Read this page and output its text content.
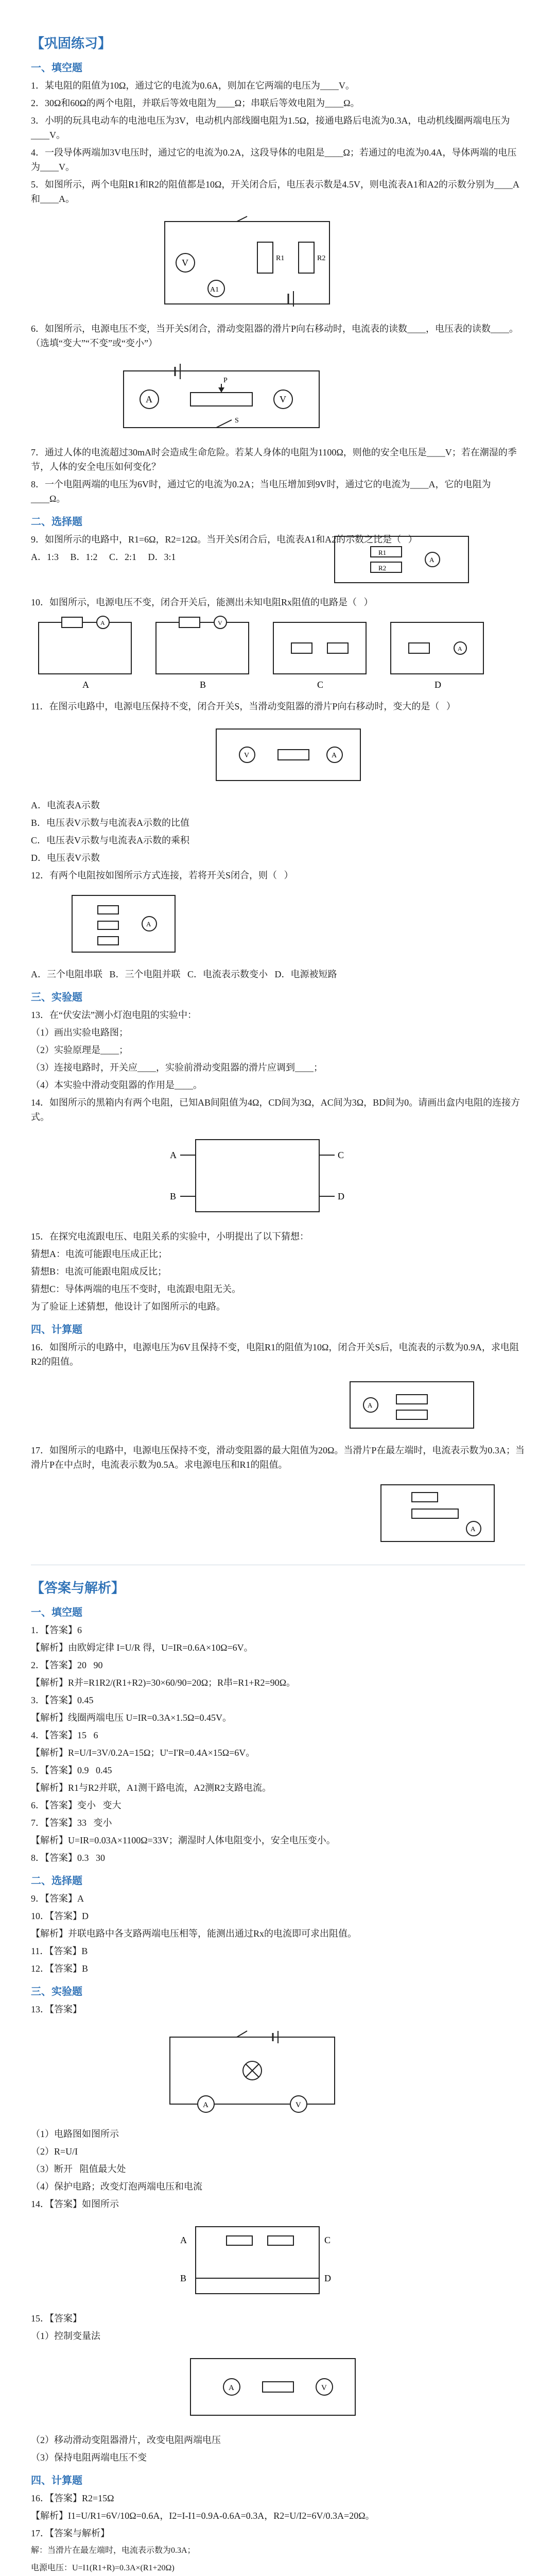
【巩固练习】
一、填空题
1．某电阻的阻值为10Ω，通过它的电流为0.6A，则加在它两端的电压为____V。
2．30Ω和60Ω的两个电阻，并联后等效电阻为____Ω；串联后等效电阻为____Ω。
3．小明的玩具电动车的电池电压为3V，电动机内部线圈电阻为1.5Ω，接通电路后电流为0.3A，电动机线圈两端电压为____V。
4．一段导体两端加3V电压时，通过它的电流为0.2A，这段导体的电阻是____Ω；若通过的电流为0.4A，导体两端的电压为____V。
5．如图所示，两个电阻R1和R2的阻值都是10Ω，开关闭合后，电压表示数是4.5V，则电流表A1和A2的示数分别为____A和____A。
V
A1
R1	R2
6．如图所示，电源电压不变，当开关S闭合，滑动变阻器的滑片P向右移动时，电流表的读数____，电压表的读数____。（选填“变大”“不变”或“变小”）
A
P
V
S
7．通过人体的电流超过30mA时会造成生命危险。若某人身体的电阻为1100Ω，则他的安全电压是____V；若在潮湿的季节，人体的安全电压如何变化？
8．一个电阻两端的电压为6V时，通过它的电流为0.2A；当电压增加到9V时，通过它的电流为____A，它的电阻为____Ω。
二、选择题
9．如图所示的电路中，R1=6Ω，R2=12Ω。当开关S闭合后，电流表A1和A2的示数之比是（   ）
A．1:3     B．1:2     C．2:1     D．3:1	R1
R2
A
10．如图所示，电源电压不变，闭合开关后，能测出未知电阻Rx阻值的电路是（   ）
A
A
V
B	C
A
D
11．在图示电路中，电源电压保持不变，闭合开关S，当滑动变阻器的滑片P向右移动时，变大的是（   ）
V	A
A．电流表A示数
B．电压表V示数与电流表A示数的比值
C．电压表V示数与电流表A示数的乘积
D．电压表V示数
12．有两个电阻按如图所示方式连接，若将开关S闭合，则（   ）
A
A．三个电阻串联   B．三个电阻并联   C．电流表示数变小   D．电源被短路
三、实验题
13．在“伏安法”测小灯泡电阻的实验中：
（1）画出实验电路图；
（2）实验原理是____；
（3）连接电路时，开关应____，实验前滑动变阻器的滑片应调到____；
（4）本实验中滑动变阻器的作用是____。
14．如图所示的黑箱内有两个电阻，已知AB间阻值为4Ω，CD间为3Ω，AC间为3Ω，BD间为0。请画出盒内电阻的连接方式。
A	C
B	D
15．在探究电流跟电压、电阻关系的实验中，小明提出了以下猜想：
猜想A：电流可能跟电压成正比；
猜想B：电流可能跟电阻成反比；
猜想C：导体两端的电压不变时，电流跟电阻无关。
为了验证上述猜想，他设计了如图所示的电路。
四、计算题
16．如图所示的电路中，电源电压为6V且保持不变，电阻R1的阻值为10Ω，闭合开关S后，电流表的示数为0.9A，求电阻R2的阻值。
A
17．如图所示的电路中，电源电压保持不变，滑动变阻器的最大阻值为20Ω。当滑片P在最左端时，电流表示数为0.3A；当滑片P在中点时，电流表示数为0.5A。求电源电压和R1的阻值。
A
【答案与解析】
一、填空题
1．【答案】6
【解析】由欧姆定律 I=U/R 得，U=IR=0.6A×10Ω=6V。
2．【答案】20   90
【解析】R并=R1R2/(R1+R2)=30×60/90=20Ω；R串=R1+R2=90Ω。
3．【答案】0.45
【解析】线圈两端电压 U=IR=0.3A×1.5Ω=0.45V。
4．【答案】15   6
【解析】R=U/I=3V/0.2A=15Ω；U'=I'R=0.4A×15Ω=6V。
5．【答案】0.9   0.45
【解析】R1与R2并联，A1测干路电流，A2测R2支路电流。
6．【答案】变小   变大
7．【答案】33   变小
【解析】U=IR=0.03A×1100Ω=33V；潮湿时人体电阻变小，安全电压变小。
8．【答案】0.3   30
二、选择题
9．【答案】A
10．【答案】D
【解析】并联电路中各支路两端电压相等，能测出通过Rx的电流即可求出阻值。
11．【答案】B
12．【答案】B
三、实验题
13．【答案】
A	V
（1）电路图如图所示
（2）R=U/I
（3）断开   阻值最大处
（4）保护电路；改变灯泡两端电压和电流
14．【答案】如图所示
A	C
B	D
15．【答案】
（1）控制变量法
A	V
（2）移动滑动变阻器滑片，改变电阻两端电压
（3）保持电阻两端电压不变
四、计算题
16．【答案】R2=15Ω
【解析】I1=U/R1=6V/10Ω=0.6A，I2=I-I1=0.9A-0.6A=0.3A，R2=U/I2=6V/0.3A=20Ω。
17．【答案与解析】
解：当滑片在最左端时，电流表示数为0.3A；
电源电压：U=I1(R1+R)=0.3A×(R1+20Ω)
